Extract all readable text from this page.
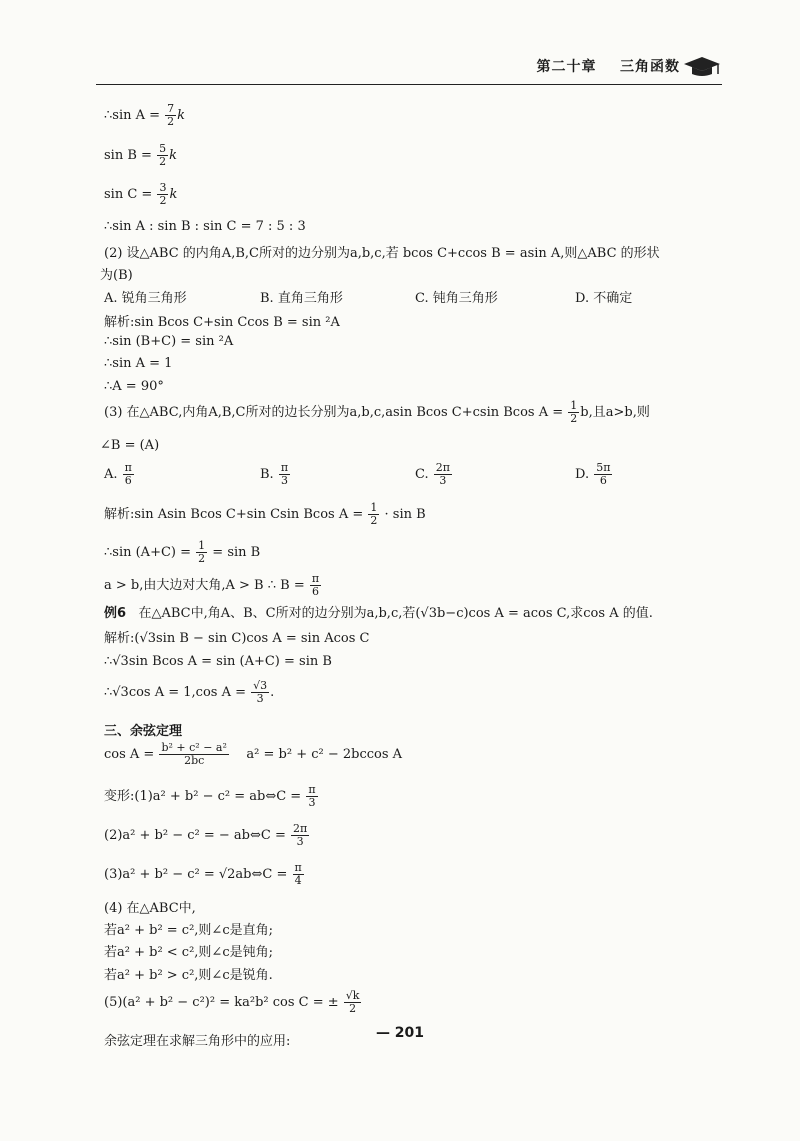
第二十章 三角函数
∴sin $A = \frac{7}{2}$ k
$\sin B = \frac{5}{2}$ k
$\sin C = \frac{3}{2}$ k
∴sin A : sin B : sin C = 7 : 5 : 3
(2) 设△ABC 的内角A,B,C所对的边分别为a,b,c,若 bcos C+ccos B = asin A,则△ABC 的形状
为(B)
A. 锐角三角形	B. 直角三角形	C. 钝角三角形	D. 不确定
解析:sin Bcos C+sin Ccos B = sin ²A
∴sin (B+C) = sin ²A
∴sin A = 1
∴A = 90°
(3) 在△ABC,内角A,B,C所对的边长分别为a,b,c,asin Bcos C+csin Bcos $A = \frac{1}{2} b$,且a>b,则
∠B = (A)
A. $\frac{\pi}{6}$	B. $\frac{\pi}{3}$	C. $\frac{2\pi}{3}$	D. $\frac{5\pi}{6}$
解析:sin Asin Bcos C+sin Csin Bcos $A = \frac{1}{2} \cdot \sin B$
∴sin $(A+C) = \frac{1}{2} = \sin B$
a > b,由大边对大角,A > B ∴ $B = \frac{\pi}{6}$
例6 在△ABC中,角A、B、C所对的边分别为a,b,c,若(√3b−c)cos A = acos C,求cos A 的值.
解析:(√3sin B − sin C)cos A = sin Acos C
∴√3sin Bcos A = sin (A+C) = sin B
∴√3cos A = 1,cos $A = \frac{√3}{3}$ .
三、余弦定理
$\cos A = \frac{\text{b² + c² − a²}}{2bc} a^2 = b^2 + c^2 - 2bccos$ A
变形:(1)a² + b² − c² = ab⇔C = $\frac{\pi}{3}$
(2)a² + b² − c² = − ab⇔C = $\frac{2\pi}{3}$
(3)a² + b² − c² = √2ab⇔C = $\frac{\pi}{4}$
(4) 在△ABC中,
若a² + b² = c²,则∠c是直角;
若a² + b² < c²,则∠c是钝角;
若a² + b² > c²,则∠c是锐角.
(5)(a² + b² − c²)² = ka²b² cos C = ± $\frac{√k}{2}$
余弦定理在求解三角形中的应用:
— 201
